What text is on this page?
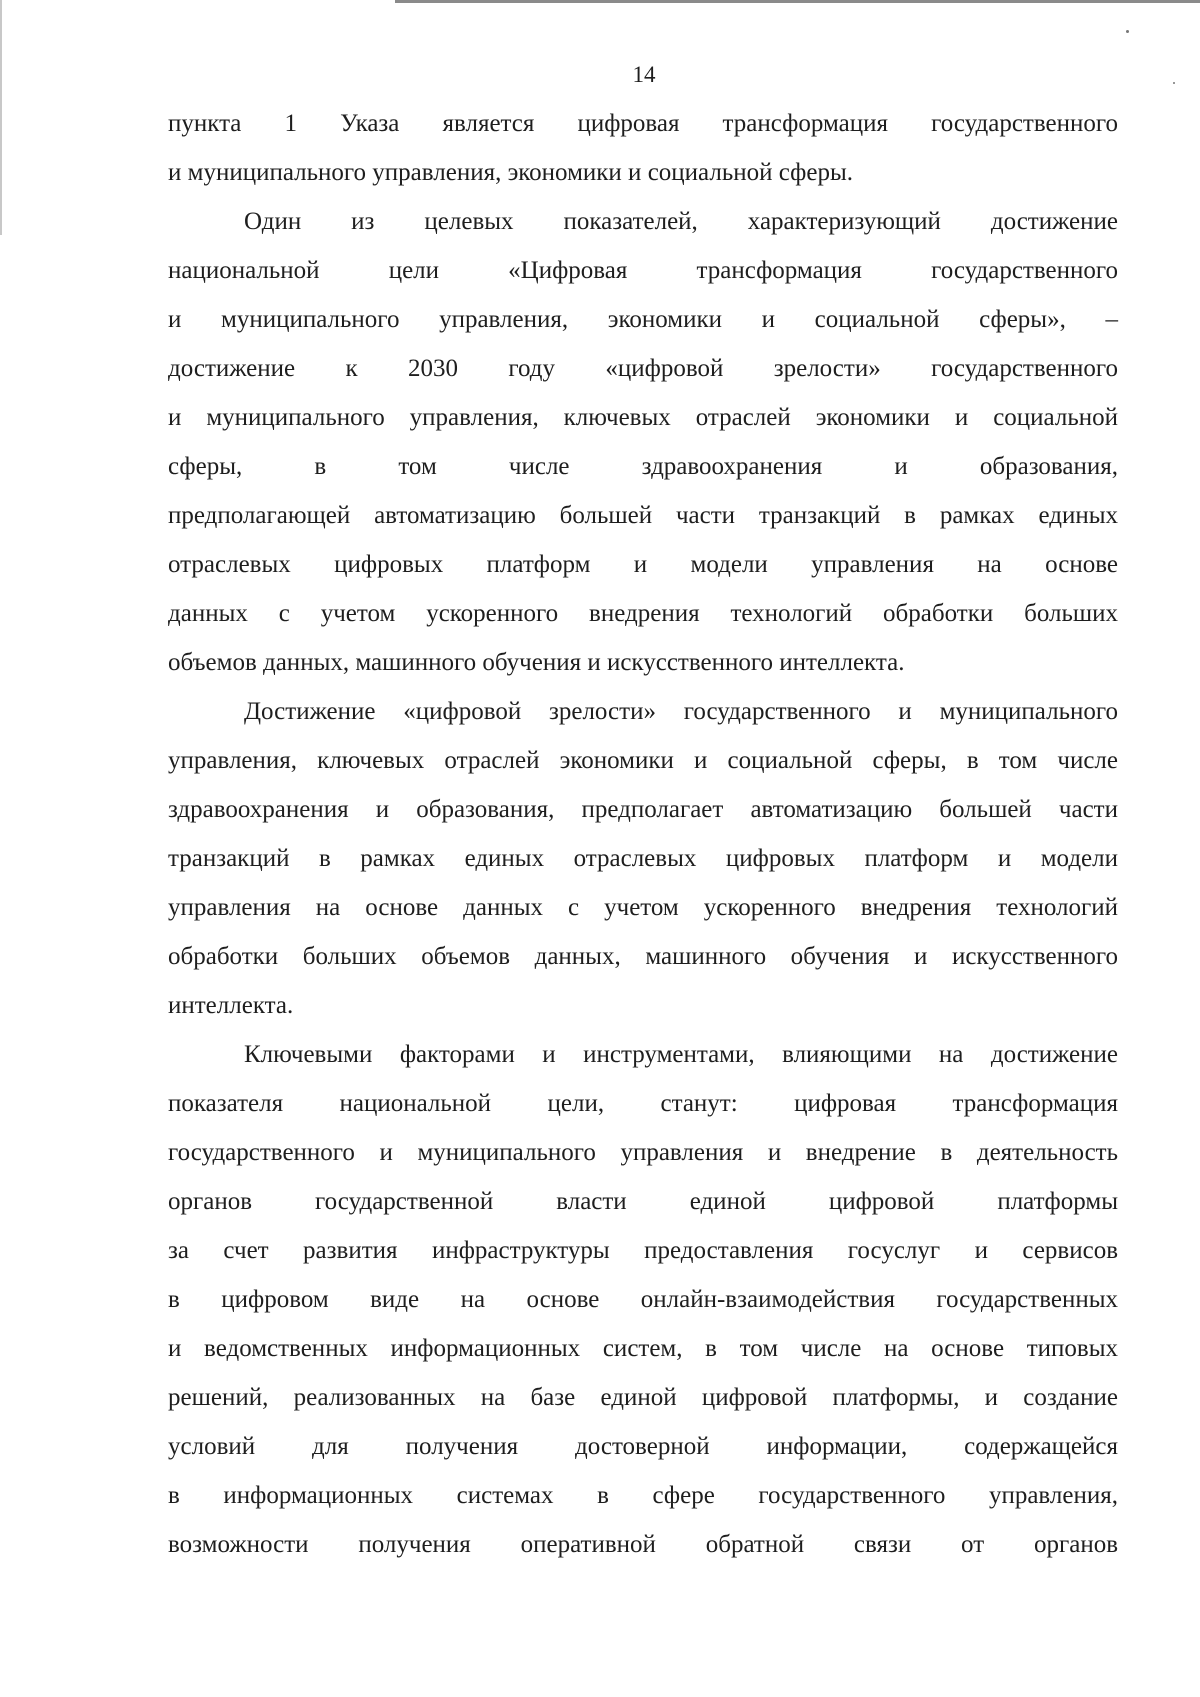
14

пункта 1 Указа является цифровая трансформация государственного
и муниципального управления, экономики и социальной сферы.

Один из целевых показателей, характеризующий достижение
национальной цели «Цифровая трансформация государственного
и муниципального управления, экономики и социальной сферы», –
достижение к 2030 году «цифровой зрелости» государственного
и муниципального управления, ключевых отраслей экономики и социальной
сферы, в том числе здравоохранения и образования,
предполагающей автоматизацию большей части транзакций в рамках единых
отраслевых цифровых платформ и модели управления на основе
данных с учетом ускоренного внедрения технологий обработки больших
объемов данных, машинного обучения и искусственного интеллекта.

Достижение «цифровой зрелости» государственного и муниципального
управления, ключевых отраслей экономики и социальной сферы, в том числе
здравоохранения и образования, предполагает автоматизацию большей части
транзакций в рамках единых отраслевых цифровых платформ и модели
управления на основе данных с учетом ускоренного внедрения технологий
обработки больших объемов данных, машинного обучения и искусственного
интеллекта.

Ключевыми факторами и инструментами, влияющими на достижение
показателя национальной цели, станут: цифровая трансформация
государственного и муниципального управления и внедрение в деятельность
органов государственной власти единой цифровой платформы
за счет развития инфраструктуры предоставления госуслуг и сервисов
в цифровом виде на основе онлайн-взаимодействия государственных
и ведомственных информационных систем, в том числе на основе типовых
решений, реализованных на базе единой цифровой платформы, и создание
условий для получения достоверной информации, содержащейся
в информационных системах в сфере государственного управления,
возможности получения оперативной обратной связи от органов
